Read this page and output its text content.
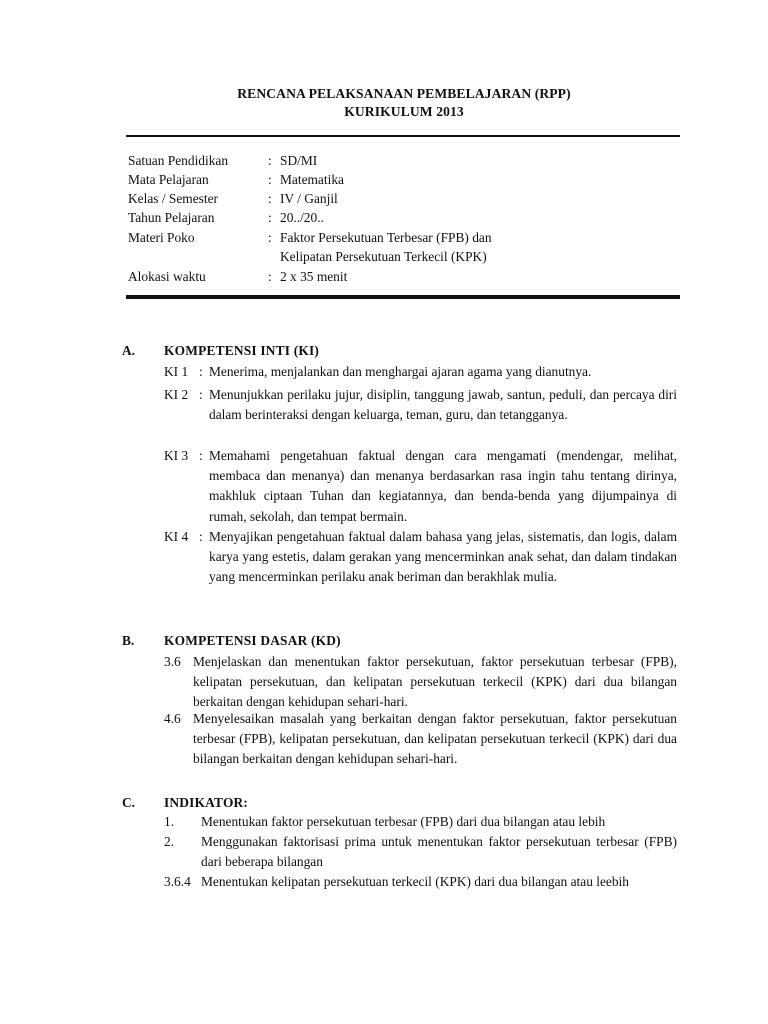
RENCANA PELAKSANAAN PEMBELAJARAN (RPP)
KURIKULUM 2013
Satuan Pendidikan	: SD/MI
Mata Pelajaran	: Matematika
Kelas / Semester	: IV / Ganjil
Tahun Pelajaran	: 20../20..
Materi Poko	: Faktor Persekutuan Terbesar (FPB) dan
Kelipatan Persekutuan Terkecil (KPK)
Alokasi waktu	: 2 x 35 menit
A. KOMPETENSI INTI (KI)
KI 1 : Menerima, menjalankan dan menghargai ajaran agama yang dianutnya.
KI 2 : Menunjukkan perilaku jujur, disiplin, tanggung jawab, santun, peduli, dan percaya diri dalam berinteraksi dengan keluarga, teman, guru, dan tetangganya.
KI 3 : Memahami pengetahuan faktual dengan cara mengamati (mendengar, melihat, membaca dan menanya) dan menanya berdasarkan rasa ingin tahu tentang dirinya, makhluk ciptaan Tuhan dan kegiatannya, dan benda-benda yang dijumpainya di rumah, sekolah, dan tempat bermain.
KI 4 : Menyajikan pengetahuan faktual dalam bahasa yang jelas, sistematis, dan logis, dalam karya yang estetis, dalam gerakan yang mencerminkan anak sehat, dan dalam tindakan yang mencerminkan perilaku anak beriman dan berakhlak mulia.
B. KOMPETENSI DASAR (KD)
3.6 Menjelaskan dan menentukan faktor persekutuan, faktor persekutuan terbesar (FPB), kelipatan persekutuan, dan kelipatan persekutuan terkecil (KPK) dari dua bilangan berkaitan dengan kehidupan sehari-hari.
4.6 Menyelesaikan masalah yang berkaitan dengan faktor persekutuan, faktor persekutuan terbesar (FPB), kelipatan persekutuan, dan kelipatan persekutuan terkecil (KPK) dari dua bilangan berkaitan dengan kehidupan sehari-hari.
C. INDIKATOR:
1. Menentukan faktor persekutuan terbesar (FPB) dari dua bilangan atau lebih
2. Menggunakan faktorisasi prima untuk menentukan faktor persekutuan terbesar (FPB) dari beberapa bilangan
3.6.4 Menentukan kelipatan persekutuan terkecil (KPK) dari dua bilangan atau leebih
